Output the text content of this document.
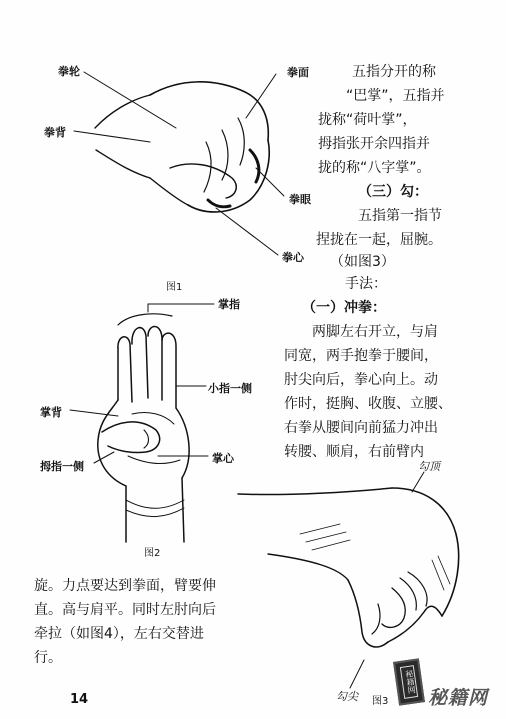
拳轮	拳面
拳背
拳眼
拳心
图1
五指分开的称
“巴掌”，五指并
拢称“荷叶掌”，
拇指张开余四指并
拢的称“八字掌”。
（三）勾：
五指第一指节
捏拢在一起，屈腕。
（如图3）
手法：
（一）冲拳：
两脚左右开立，与肩
同宽，两手抱拳于腰间，
肘尖向后，拳心向上。动
作时，挺胸、收腹、立腰、
右拳从腰间向前猛力冲出
转腰、顺肩，右前臂内
掌指
小指一侧
掌背
拇指一侧
掌心
图2
勾顶
勾尖 图3
旋。力点要达到拳面，臂要伸
直。高与肩平。同时左肘向后
牵拉（如图4），左右交替进
行。
14
秘籍网
秘籍网
